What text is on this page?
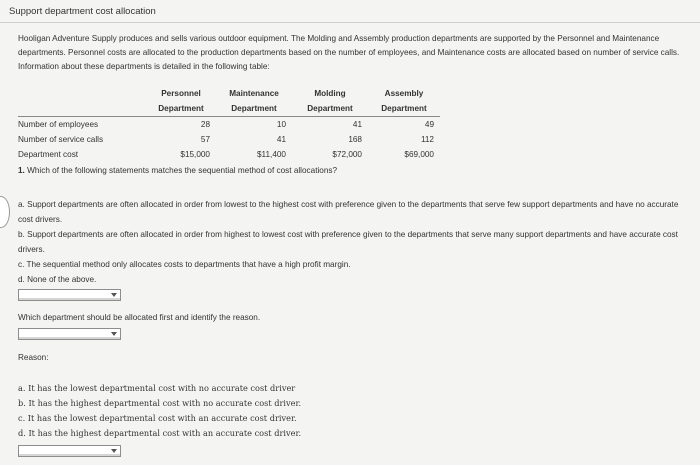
Support department cost allocation
Hooligan Adventure Supply produces and sells various outdoor equipment. The Molding and Assembly production departments are supported by the Personnel and Maintenance departments. Personnel costs are allocated to the production departments based on the number of employees, and Maintenance costs are allocated based on number of service calls. Information about these departments is detailed in the following table:
	Personnel	Maintenance	Molding	Assembly
	Department	Department	Department	Department
Number of employees	28	10	41	49
Number of service calls	57	41	168	112
Department cost	$15,000	$11,400	$72,000	$69,000
1. Which of the following statements matches the sequential method of cost allocations?
a. Support departments are often allocated in order from lowest to the highest cost with preference given to the departments that serve few support departments and have no accurate cost drivers.
b. Support departments are often allocated in order from highest to lowest cost with preference given to the departments that serve many support departments and have accurate cost drivers.
c. The sequential method only allocates costs to departments that have a high profit margin.
d. None of the above.
Which department should be allocated first and identify the reason.
Reason:
a. It has the lowest departmental cost with no accurate cost driver
b. It has the highest departmental cost with no accurate cost driver.
c. It has the lowest departmental cost with an accurate cost driver.
d. It has the highest departmental cost with an accurate cost driver.
